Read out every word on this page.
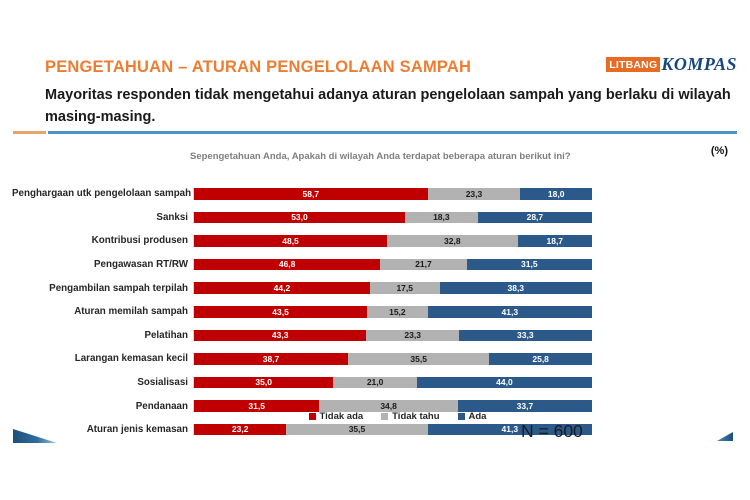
PENGETAHUAN – ATURAN PENGELOLAAN SAMPAH	LITBANG KOMPAS
Mayoritas responden tidak mengetahui adanya aturan pengelolaan sampah yang berlaku di wilayah masing-masing.
Sepengetahuan Anda, Apakah di wilayah Anda terdapat beberapa aturan berikut ini?	(%)
Penghargaan utk pengelolaan sampah	58,7	23,3	18,0
Sanksi	53,0	18,3	28,7
Kontribusi produsen	48,5	32,8	18,7
Pengawasan RT/RW	46,8	21,7	31,5
Pengambilan sampah terpilah	44,2	17,5	38,3
Aturan memilah sampah	43,5	15,2	41,3
Pelatihan	43,3	23,3	33,3
Larangan kemasan kecil	38,7	35,5	25,8
Sosialisasi	35,0	21,0	44,0
Pendanaan	31,5	34,8	33,7
Aturan jenis kemasan	23,2	35,5	41,3
Tidak ada	Tidak tahu	Ada
N = 600
